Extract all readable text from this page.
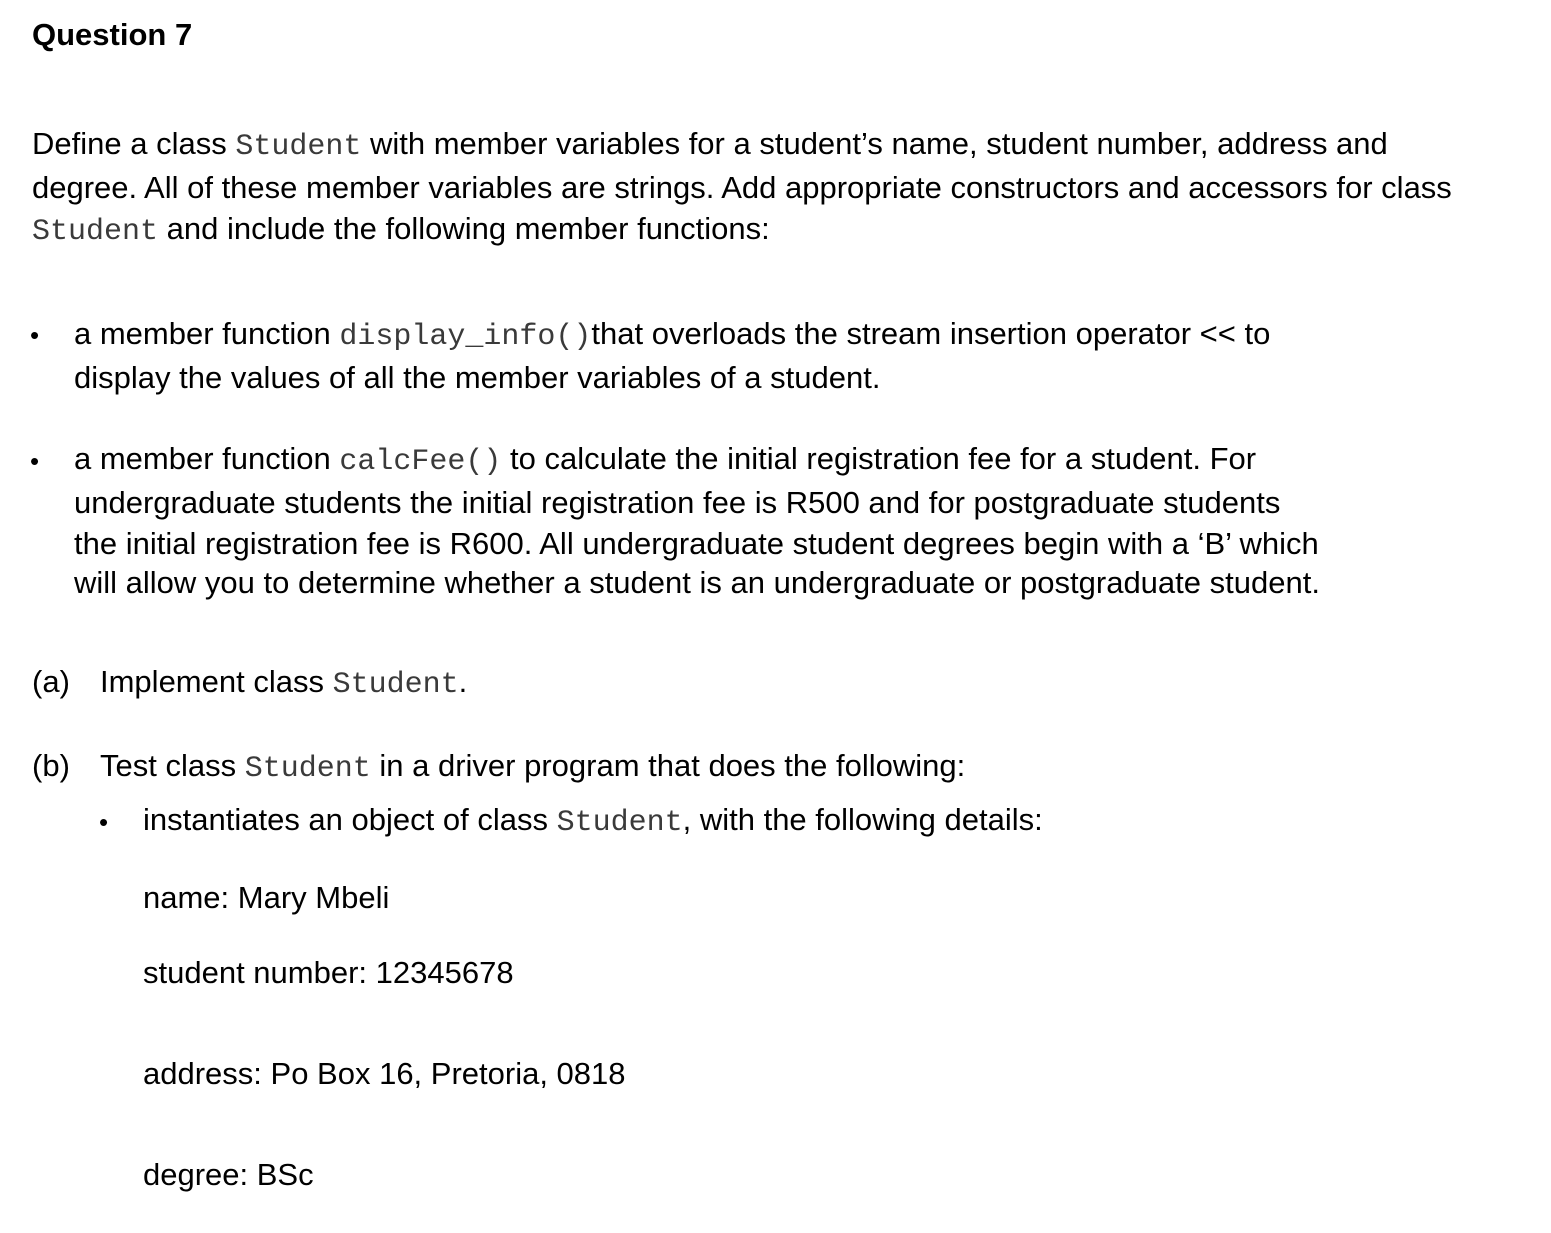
Question 7
Define a class Student with member variables for a student’s name, student number, address and
degree. All of these member variables are strings. Add appropriate constructors and accessors for class
Student and include the following member functions:
• a member function display_info()that overloads the stream insertion operator << to
display the values of all the member variables of a student.
• a member function calcFee() to calculate the initial registration fee for a student. For
undergraduate students the initial registration fee is R500 and for postgraduate students
the initial registration fee is R600. All undergraduate student degrees begin with a ‘B’ which
will allow you to determine whether a student is an undergraduate or postgraduate student.
(a) Implement class Student.
(b) Test class Student in a driver program that does the following:
• instantiates an object of class Student, with the following details:
name: Mary Mbeli
student number: 12345678
address: Po Box 16, Pretoria, 0818
degree: BSc
